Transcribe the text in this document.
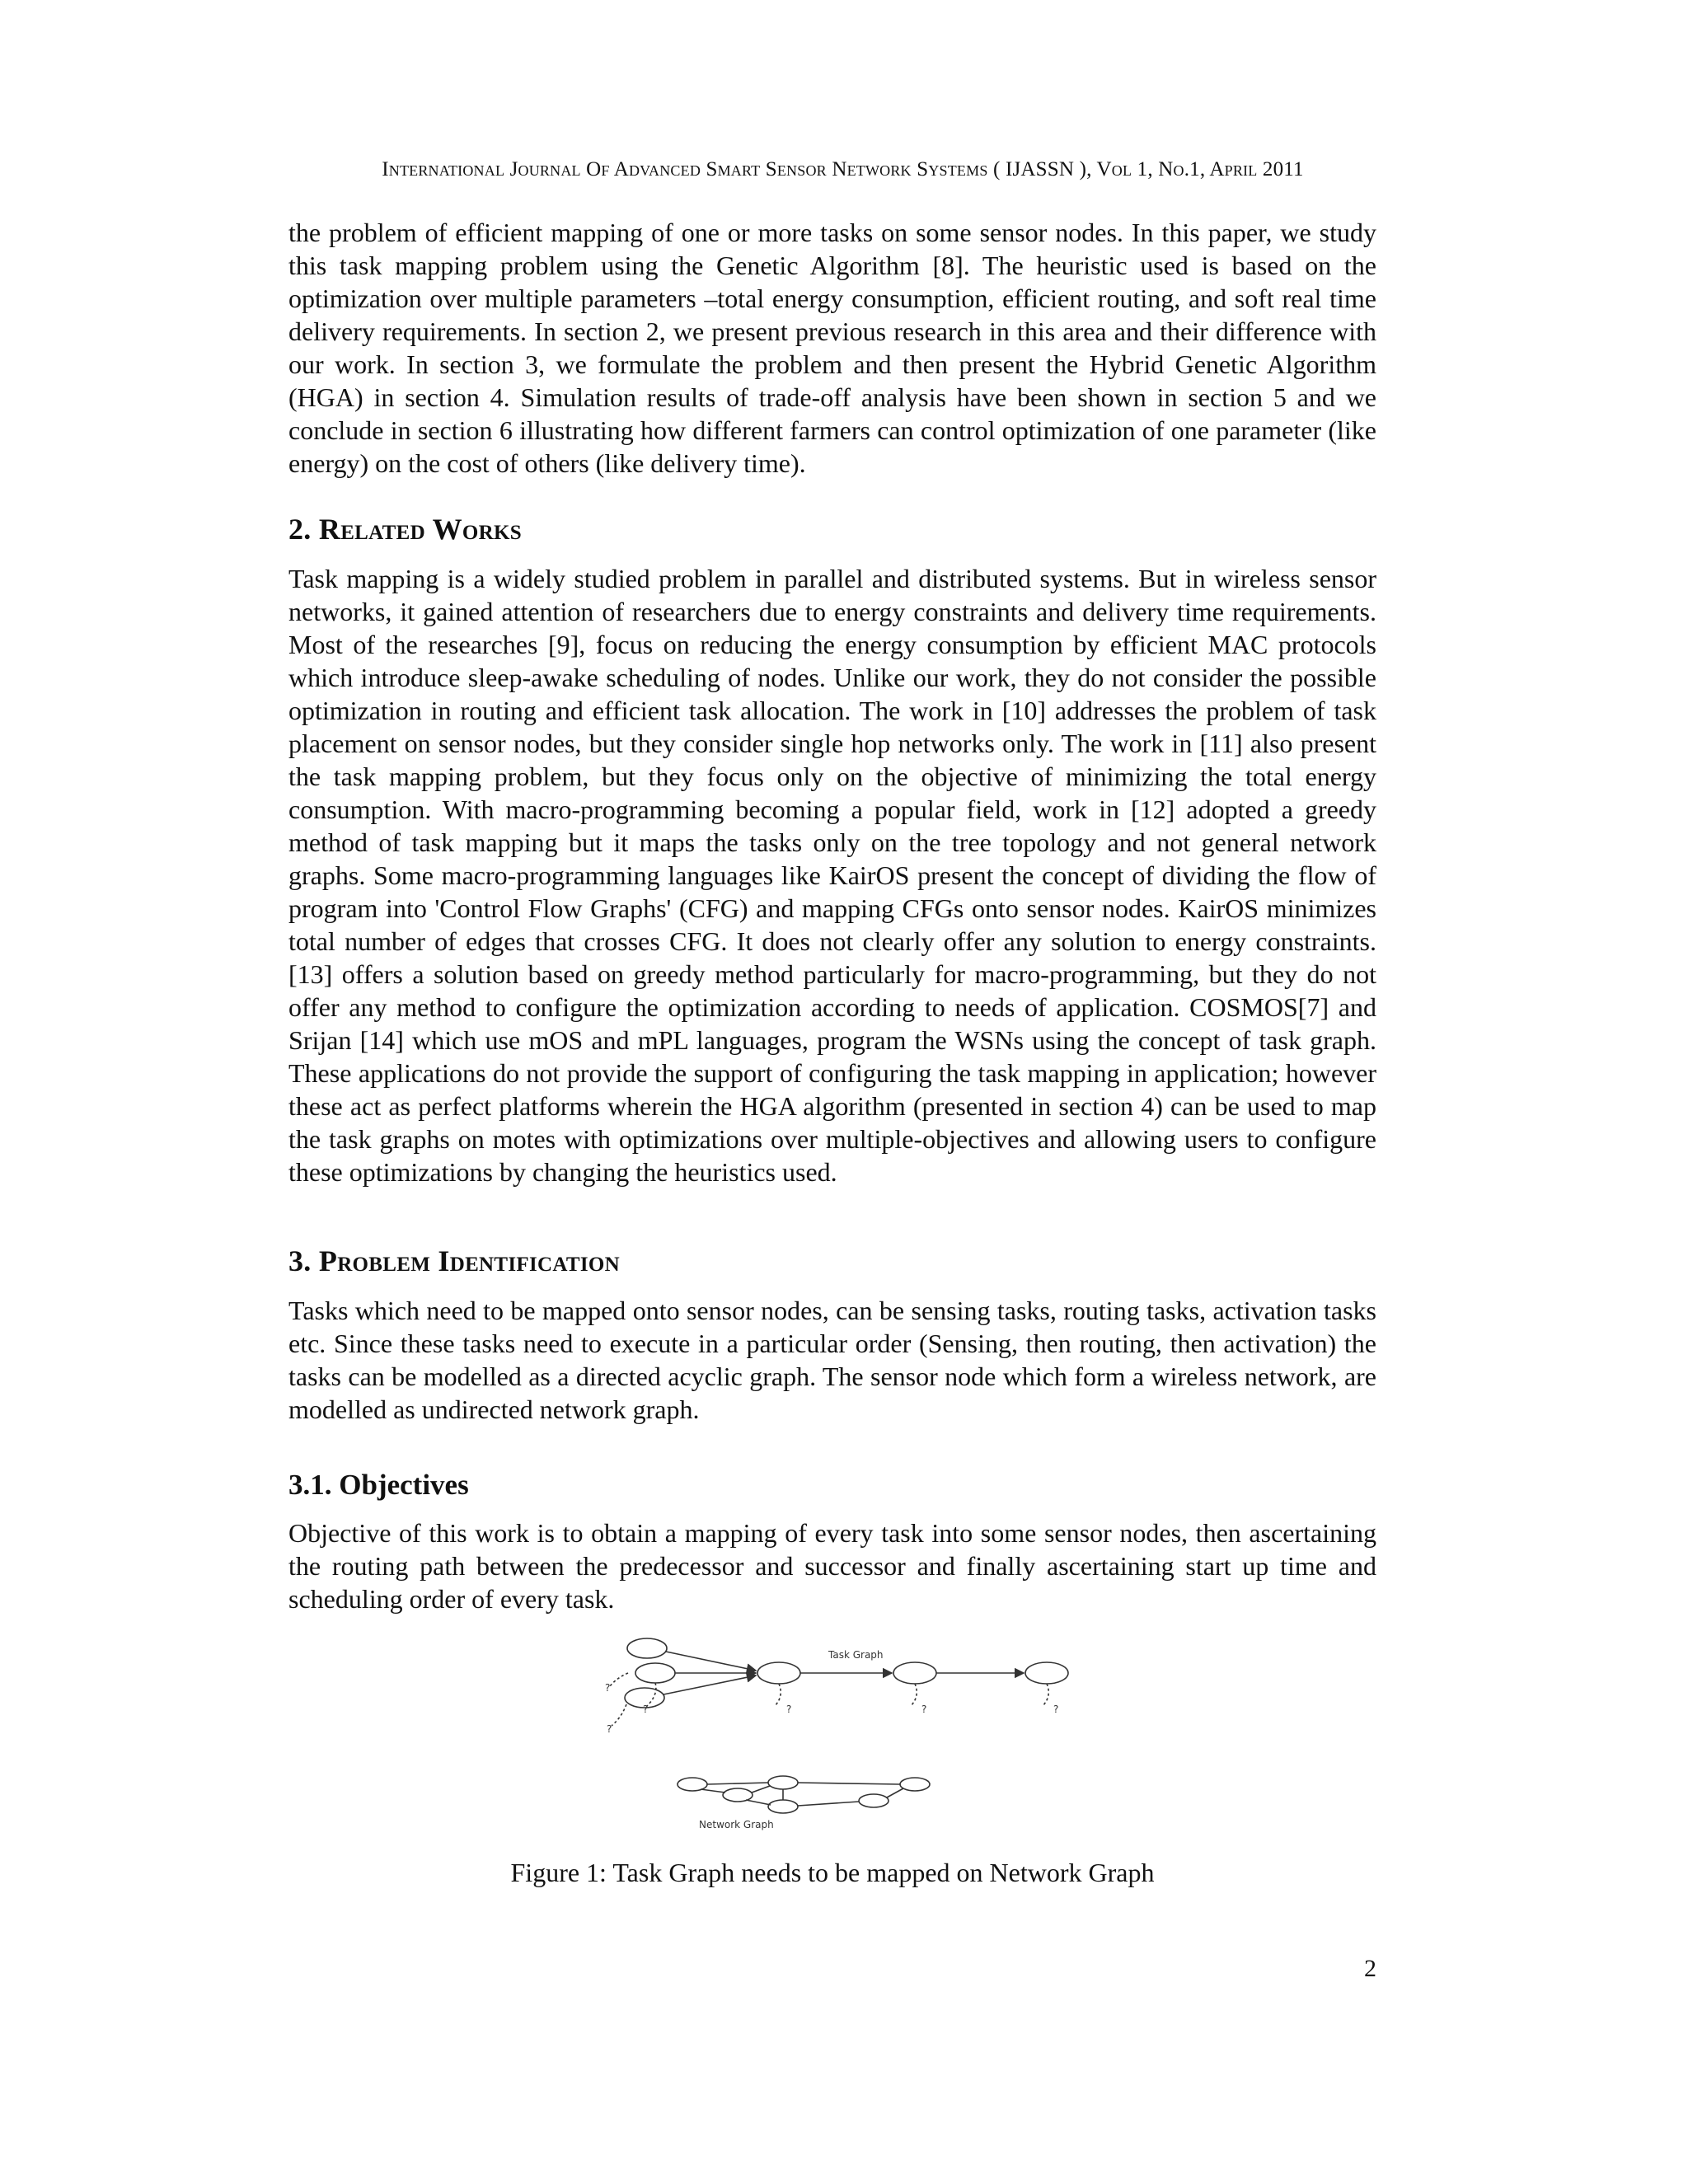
International Journal Of Advanced Smart Sensor Network Systems ( IJASSN ), Vol 1, No.1, April 2011

the problem of efficient mapping of one or more tasks on some sensor nodes. In this paper, we study this task mapping problem using the Genetic Algorithm [8]. The heuristic used is based on the optimization over multiple parameters –total energy consumption, efficient routing, and soft real time delivery requirements. In section 2, we present previous research in this area and their difference with our work. In section 3, we formulate the problem and then present the Hybrid Genetic Algorithm (HGA) in section 4. Simulation results of trade-off analysis have been shown in section 5 and we conclude in section 6 illustrating how different farmers can control optimization of one parameter (like energy) on the cost of others (like delivery time).

2. Related Works

Task mapping is a widely studied problem in parallel and distributed systems. But in wireless sensor networks, it gained attention of researchers due to energy constraints and delivery time requirements. Most of the researches [9], focus on reducing the energy consumption by efficient MAC protocols which introduce sleep-awake scheduling of nodes. Unlike our work, they do not consider the possible optimization in routing and efficient task allocation. The work in [10] addresses the problem of task placement on sensor nodes, but they consider single hop networks only. The work in [11] also present the task mapping problem, but they focus only on the objective of minimizing the total energy consumption. With macro-programming becoming a popular field, work in [12] adopted a greedy method of task mapping but it maps the tasks only on the tree topology and not general network graphs. Some macro-programming languages like KairOS present the concept of dividing the flow of program into 'Control Flow Graphs' (CFG) and mapping CFGs onto sensor nodes. KairOS minimizes total number of edges that crosses CFG. It does not clearly offer any solution to energy constraints. [13] offers a solution based on greedy method particularly for macro-programming, but they do not offer any method to configure the optimization according to needs of application. COSMOS[7] and Srijan [14] which use mOS and mPL languages, program the WSNs using the concept of task graph. These applications do not provide the support of configuring the task mapping in application; however these act as perfect platforms wherein the HGA algorithm (presented in section 4) can be used to map the task graphs on motes with optimizations over multiple-objectives and allowing users to configure these optimizations by changing the heuristics used.

3. Problem Identification

Tasks which need to be mapped onto sensor nodes, can be sensing tasks, routing tasks, activation tasks etc. Since these tasks need to execute in a particular order (Sensing, then routing, then activation) the tasks can be modelled as a directed acyclic graph. The sensor node which form a wireless network, are modelled as undirected network graph.

3.1. Objectives

Objective of this work is to obtain a mapping of every task into some sensor nodes, then ascertaining the routing path between the predecessor and successor and finally ascertaining start up time and scheduling order of every task.

Task Graph
Network Graph
?
?
?
?	?	?
Figure 1: Task Graph needs to be mapped on Network Graph
2
